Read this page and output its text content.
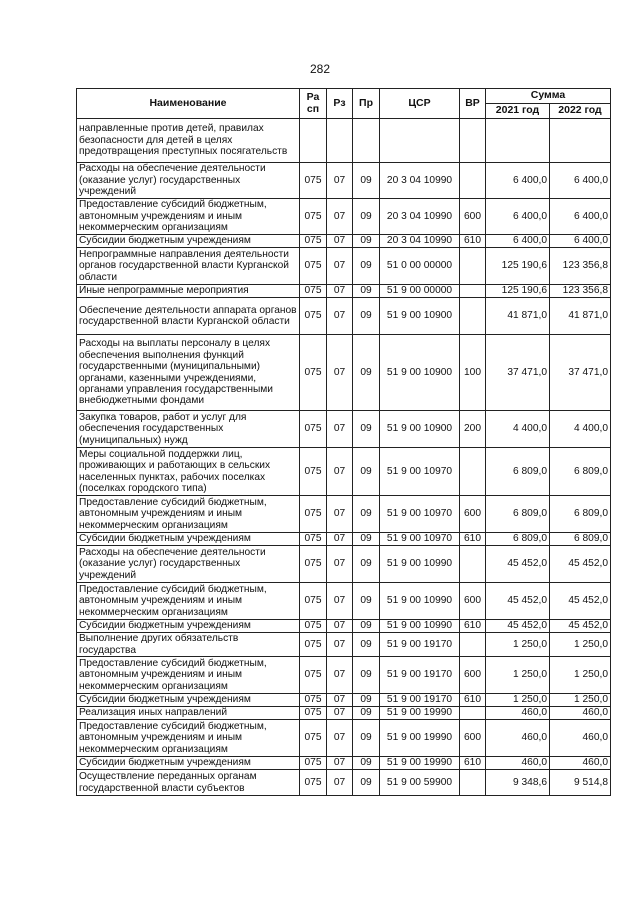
282
Наименование	Ра сп	Рз	Пр	ЦСР	ВР	Сумма	
						2021 год	2022 год
направленные против детей, правилах безопасности для детей в целях предотвращения преступных посягательств							
Расходы на обеспечение деятельности (оказание услуг) государственных учреждений	075	07	09	20 3 04 10990		6 400,0	6 400,0
Предоставление субсидий бюджетным, автономным учреждениям и иным некоммерческим организациям	075	07	09	20 3 04 10990	600	6 400,0	6 400,0
Субсидии бюджетным учреждениям	075	07	09	20 3 04 10990	610	6 400,0	6 400,0
Непрограммные направления деятельности органов государственной власти Курганской области	075	07	09	51 0 00 00000		125 190,6	123 356,8
Иные непрограммные мероприятия	075	07	09	51 9 00 00000		125 190,6	123 356,8
Обеспечение деятельности аппарата органов государственной власти Курганской области	075	07	09	51 9 00 10900		41 871,0	41 871,0
Расходы на выплаты персоналу в целях обеспечения выполнения функций государственными (муниципальными) органами, казенными учреждениями, органами управления государственными внебюджетными фондами	075	07	09	51 9 00 10900	100	37 471,0	37 471,0
Закупка товаров, работ и услуг для обеспечения государственных (муниципальных) нужд	075	07	09	51 9 00 10900	200	4 400,0	4 400,0
Меры социальной поддержки лиц, проживающих и работающих в сельских населенных пунктах, рабочих поселках (поселках городского типа)	075	07	09	51 9 00 10970		6 809,0	6 809,0
Предоставление субсидий бюджетным, автономным учреждениям и иным некоммерческим организациям	075	07	09	51 9 00 10970	600	6 809,0	6 809,0
Субсидии бюджетным учреждениям	075	07	09	51 9 00 10970	610	6 809,0	6 809,0
Расходы на обеспечение деятельности (оказание услуг) государственных учреждений	075	07	09	51 9 00 10990		45 452,0	45 452,0
Предоставление субсидий бюджетным, автономным учреждениям и иным некоммерческим организациям	075	07	09	51 9 00 10990	600	45 452,0	45 452,0
Субсидии бюджетным учреждениям	075	07	09	51 9 00 10990	610	45 452,0	45 452,0
Выполнение других обязательств государства	075	07	09	51 9 00 19170		1 250,0	1 250,0
Предоставление субсидий бюджетным, автономным учреждениям и иным некоммерческим организациям	075	07	09	51 9 00 19170	600	1 250,0	1 250,0
Субсидии бюджетным учреждениям	075	07	09	51 9 00 19170	610	1 250,0	1 250,0
Реализация иных направлений	075	07	09	51 9 00 19990		460,0	460,0
Предоставление субсидий бюджетным, автономным учреждениям и иным некоммерческим организациям	075	07	09	51 9 00 19990	600	460,0	460,0
Субсидии бюджетным учреждениям	075	07	09	51 9 00 19990	610	460,0	460,0
Осуществление переданных органам государственной власти субъектов	075	07	09	51 9 00 59900		9 348,6	9 514,8
